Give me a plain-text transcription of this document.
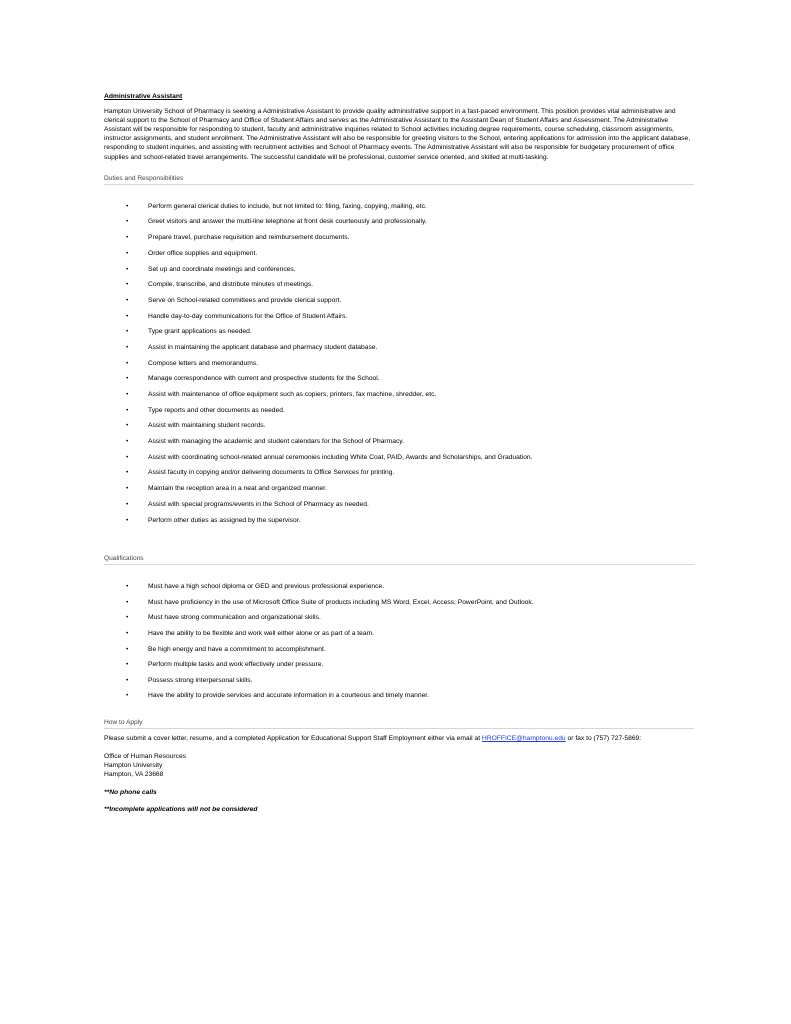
Administrative Assistant

Hampton University School of Pharmacy is seeking a Administrative Assistant to provide quality administrative support in a fast-paced environment. This position provides vital administrative and clerical support to the School of Pharmacy and Office of Student Affairs and serves as the Administrative Assistant to the Assistant Dean of Student Affairs and Assessment. The Administrative Assistant will be responsible for responding to student, faculty and administrative inquiries related to School activities including degree requirements, course scheduling, classroom assignments, instructor assignments, and student enrollment. The Administrative Assistant will also be responsible for greeting visitors to the School, entering applications for admission into the applicant database, responding to student inquiries, and assisting with recruitment activities and School of Pharmacy events. The Administrative Assistant will also be responsible for budgetary procurement of office supplies and school-related travel arrangements. The successful candidate will be professional, customer service oriented, and skilled at multi-tasking.

Duties and Responsibilities
•	Perform general clerical duties to include, but not limited to: filing, faxing, copying, mailing, etc.
•	Greet visitors and answer the multi-line telephone at front desk courteously and professionally.
•	Prepare travel, purchase requisition and reimbursement documents.
•	Order office supplies and equipment.
•	Set up and coordinate meetings and conferences.
•	Compile, transcribe, and distribute minutes of meetings.
•	Serve on School-related committees and provide clerical support.
•	Handle day-to-day communications for the Office of Student Affairs.
•	Type grant applications as needed.
•	Assist in maintaining the applicant database and pharmacy student database.
•	Compose letters and memorandums.
•	Manage correspondence with current and prospective students for the School.
•	Assist with maintenance of office equipment such as copiers, printers, fax machine, shredder, etc.
•	Type reports and other documents as needed.
•	Assist with maintaining student records.
•	Assist with managing the academic and student calendars for the School of Pharmacy.
•	Assist with coordinating school-related annual ceremonies including White Coat, PAID, Awards and Scholarships, and Graduation.
•	Assist faculty in copying and/or delivering documents to Office Services for printing.
•	Maintain the reception area in a neat and organized manner.
•	Assist with special programs/events in the School of Pharmacy as needed.
•	Perform other duties as assigned by the supervisor.
Qualifications
•	Must have a high school diploma or GED and previous professional experience.
•	Must have proficiency in the use of Microsoft Office Suite of products including MS Word, Excel, Access, PowerPoint, and Outlook.
•	Must have strong communication and organizational skills.
•	Have the ability to be flexible and work well either alone or as part of a team.
•	Be high energy and have a commitment to accomplishment.
•	Perform multiple tasks and work effectively under pressure.
•	Possess strong interpersonal skills.
•	Have the ability to provide services and accurate information in a courteous and timely manner.
How to Apply

Please submit a cover letter, resume, and a completed Application for Educational Support Staff Employment either via email at HROFFICE@hamptonu.edu or fax to (757) 727-5869:

Office of Human Resources

Hampton University

Hampton, VA 23668

**No phone calls

**Incomplete applications will not be considered
